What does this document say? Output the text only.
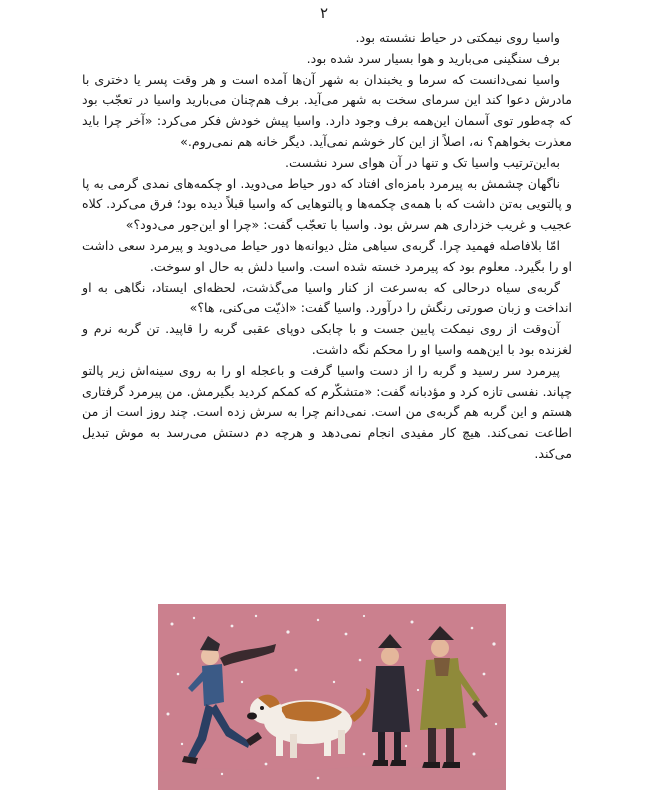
۲

واسیا روی نیمکتی در حیاط نشسته بود.

برف سنگینی می‌بارید و هوا بسیار سرد شده بود.

واسیا نمی‌دانست که سرما و یخبندان به شهر آن‌ها آمده است و هر وقت پسر یا دختری با مادرش دعوا کند این سرمای سخت به شهر می‌آید. برف هم‌چنان می‌بارید واسیا در تعجّب بود که چه‌طور توی آسمان این‌همه برف وجود دارد. واسیا پیش خودش فکر می‌کرد: «آخر چرا باید معذرت بخواهم؟ نه، اصلاً از این کار خوشم نمی‌آید. دیگر خانه هم نمی‌روم.»

به‌این‌ترتیب واسیا تک و تنها در آن هوای سرد نشست.

ناگهان چشمش به پیرمرد بامزه‌ای افتاد که دور حیاط می‌دوید. او چکمه‌های نمدی گرمی به پا و پالتویی به‌تن داشت که با همه‌ی چکمه‌ها و پالتوهایی که واسیا قبلاً دیده بود؛ فرق می‌کرد. کلاه عجیب و غریب خزداری هم سرش بود. واسیا با تعجّب گفت: «چرا او این‌جور می‌دود؟»

امّا بلافاصله فهمید چرا. گربه‌ی سیاهی مثل دیوانه‌ها دور حیاط می‌دوید و پیرمرد سعی داشت او را بگیرد. معلوم بود که پیرمرد خسته شده است. واسیا دلش به حال او سوخت.

گربه‌ی سیاه درحالی که به‌سرعت از کنار واسیا می‌گذشت، لحظه‌ای ایستاد، نگاهی به او انداخت و زبان صورتی رنگش را درآورد. واسیا گفت: «اذیّت می‌کنی، ها؟»

آن‌وقت از روی نیمکت پایین جست و با چابکی دوپای عقبی گربه را قاپید. تن گربه نرم و لغزنده بود با این‌همه واسیا او را محکم نگه داشت.

پیرمرد سر رسید و گربه را از دست واسیا گرفت و باعجله او را به روی سینه‌اش زیر پالتو چپاند. نفسی تازه کرد و مؤدبانه گفت: «متشکّرم که کمکم کردید بگیرمش. من پیرمرد گرفتاری هستم و این گربه هم گربه‌ی من است. نمی‌دانم چرا به سرش زده است. چند روز است از من اطاعت نمی‌کند. هیچ کار مفیدی انجام نمی‌دهد و هرچه دم دستش می‌رسد به موش تبدیل می‌کند.
